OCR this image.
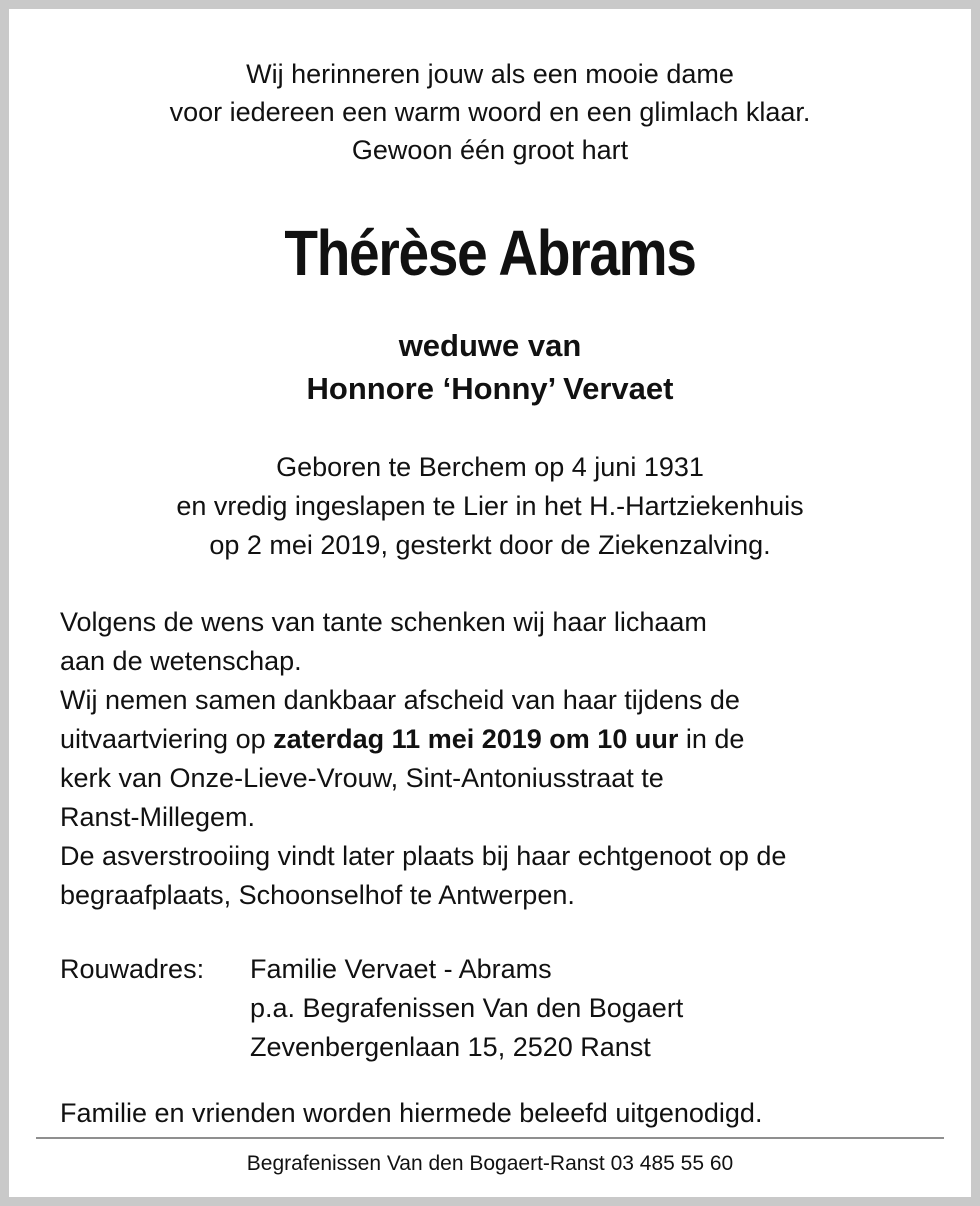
Wij herinneren jouw als een mooie dame
voor iedereen een warm woord en een glimlach klaar.
Gewoon één groot hart
Thérèse Abrams
weduwe van
Honnore ‘Honny’ Vervaet
Geboren te Berchem op 4 juni 1931
en vredig ingeslapen te Lier in het H.-Hartziekenhuis
op 2 mei 2019, gesterkt door de Ziekenzalving.
Volgens de wens van tante schenken wij haar lichaam
aan de wetenschap.
Wij nemen samen dankbaar afscheid van haar tijdens de
uitvaartviering op zaterdag 11 mei 2019 om 10 uur in de
kerk van Onze-Lieve-Vrouw, Sint-Antoniusstraat te
Ranst-Millegem.
De asverstrooiing vindt later plaats bij haar echtgenoot op de
begraafplaats, Schoonselhof te Antwerpen.
Rouwadres: Familie Vervaet - Abrams
p.a. Begrafenissen Van den Bogaert
Zevenbergenlaan 15, 2520 Ranst
Familie en vrienden worden hiermede beleefd uitgenodigd.
Begrafenissen Van den Bogaert-Ranst 03 485 55 60
